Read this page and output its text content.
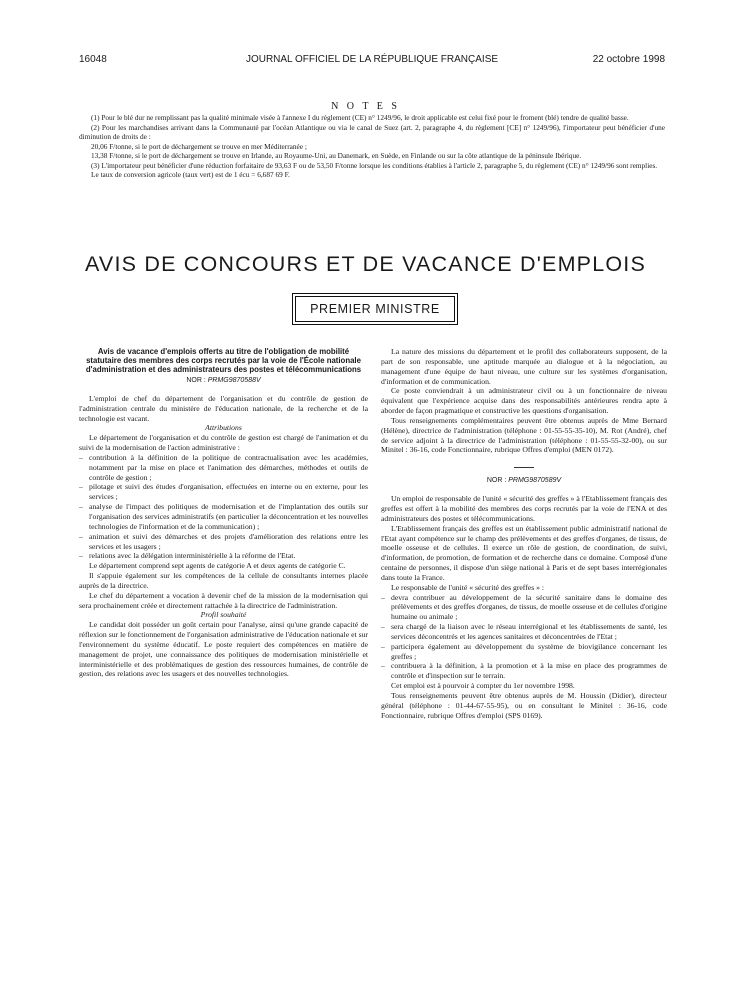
16048	JOURNAL OFFICIEL DE LA RÉPUBLIQUE FRANÇAISE	22 octobre 1998
N O T E S

(1) Pour le blé dur ne remplissant pas la qualité minimale visée à l'annexe I du règlement (CE) n° 1249/96, le droit applicable est celui fixé pour le froment (blé) tendre de qualité basse.

(2) Pour les marchandises arrivant dans la Communauté par l'océan Atlantique ou via le canal de Suez (art. 2, paragraphe 4, du règlement [CE] n° 1249/96), l'importateur peut bénéficier d'une diminution de droits de :

20,06 F/tonne, si le port de déchargement se trouve en mer Méditerranée ;

13,38 F/tonne, si le port de déchargement se trouve en Irlande, au Royaume-Uni, au Danemark, en Suède, en Finlande ou sur la côte atlantique de la péninsule Ibérique.

(3) L'importateur peut bénéficier d'une réduction forfaitaire de 93,63 F ou de 53,50 F/tonne lorsque les conditions établies à l'article 2, paragraphe 5, du règlement (CE) n° 1249/96 sont remplies.

Le taux de conversion agricole (taux vert) est de 1 écu = 6,687 69 F.

AVIS DE CONCOURS ET DE VACANCE D'EMPLOIS
PREMIER MINISTRE
Avis de vacance d'emplois offerts au titre de l'obligation de mobilité statutaire des membres des corps recrutés par la voie de l'École nationale d'administration et des administrateurs des postes et télécommunications
NOR : PRMG9870588V

L'emploi de chef du département de l'organisation et du contrôle de gestion de l'administration centrale du ministère de l'éducation nationale, de la recherche et de la technologie est vacant.

Attributions

Le département de l'organisation et du contrôle de gestion est chargé de l'animation et du suivi de la modernisation de l'action administrative :

– contribution à la définition de la politique de contractualisation avec les académies, notamment par la mise en place et l'animation des démarches, méthodes et outils de contrôle de gestion ;
– pilotage et suivi des études d'organisation, effectuées en interne ou en externe, pour les services ;
– analyse de l'impact des politiques de modernisation et de l'implantation des outils sur l'organisation des services administratifs (en particulier la déconcentration et les nouvelles technologies de l'information et de la communication) ;
– animation et suivi des démarches et des projets d'amélioration des relations entre les services et les usagers ;
– relations avec la délégation interministérielle à la réforme de l'Etat.

Le département comprend sept agents de catégorie A et deux agents de catégorie C.

Il s'appuie également sur les compétences de la cellule de consultants internes placée auprès de la directrice.

Le chef du département a vocation à devenir chef de la mission de la modernisation qui sera prochainement créée et directement rattachée à la directrice de l'administration.

Profil souhaité

Le candidat doit posséder un goût certain pour l'analyse, ainsi qu'une grande capacité de réflexion sur le fonctionnement de l'organisation administrative de l'éducation nationale et sur l'environnement du système éducatif. Le poste requiert des compétences en matière de management de projet, une connaissance des politiques de modernisation ministérielle et interministérielle et des problématiques de gestion des ressources humaines, de contrôle de gestion, des relations avec les usagers et des nouvelles technologies.

La nature des missions du département et le profil des collaborateurs supposent, de la part de son responsable, une aptitude marquée au dialogue et à la négociation, au management d'une équipe de haut niveau, une culture sur les systèmes d'organisation, d'information et de communication.

Ce poste conviendrait à un administrateur civil ou à un fonctionnaire de niveau équivalent que l'expérience acquise dans des responsabilités antérieures rendra apte à aborder de façon pragmatique et constructive les questions d'organisation.

Tous renseignements complémentaires peuvent être obtenus auprès de Mme Bernard (Hélène), directrice de l'administration (téléphone : 01-55-55-35-10), M. Rot (André), chef de service adjoint à la directrice de l'administration (téléphone : 01-55-55-32-00), ou sur Minitel : 36-16, code Fonctionnaire, rubrique Offres d'emploi (MEN 0172).

NOR : PRMG9870589V

Un emploi de responsable de l'unité « sécurité des greffes » à l'Etablissement français des greffes est offert à la mobilité des membres des corps recrutés par la voie de l'ENA et des administrateurs des postes et télécommunications.

L'Etablissement français des greffes est un établissement public administratif national de l'Etat ayant compétence sur le champ des prélèvements et des greffes d'organes, de tissus, de moelle osseuse et de cellules. Il exerce un rôle de gestion, de coordination, de suivi, d'information, de promotion, de formation et de recherche dans ce domaine. Composé d'une centaine de personnes, il dispose d'un siège national à Paris et de sept bases interrégionales dans toute la France.

Le responsable de l'unité « sécurité des greffes » :

– devra contribuer au développement de la sécurité sanitaire dans le domaine des prélèvements et des greffes d'organes, de tissus, de moelle osseuse et de cellules d'origine humaine ou animale ;
– sera chargé de la liaison avec le réseau interrégional et les établissements de santé, les services déconcentrés et les agences sanitaires et déconcentrées de l'Etat ;
– participera également au développement du système de biovigilance concernant les greffes ;
– contribuera à la définition, à la promotion et à la mise en place des programmes de contrôle et d'inspection sur le terrain.

Cet emploi est à pourvoir à compter du 1er novembre 1998.

Tous renseignements peuvent être obtenus auprès de M. Houssin (Didier), directeur général (téléphone : 01-44-67-55-95), ou en consultant le Minitel : 36-16, code Fonctionnaire, rubrique Offres d'emploi (SPS 0169).
